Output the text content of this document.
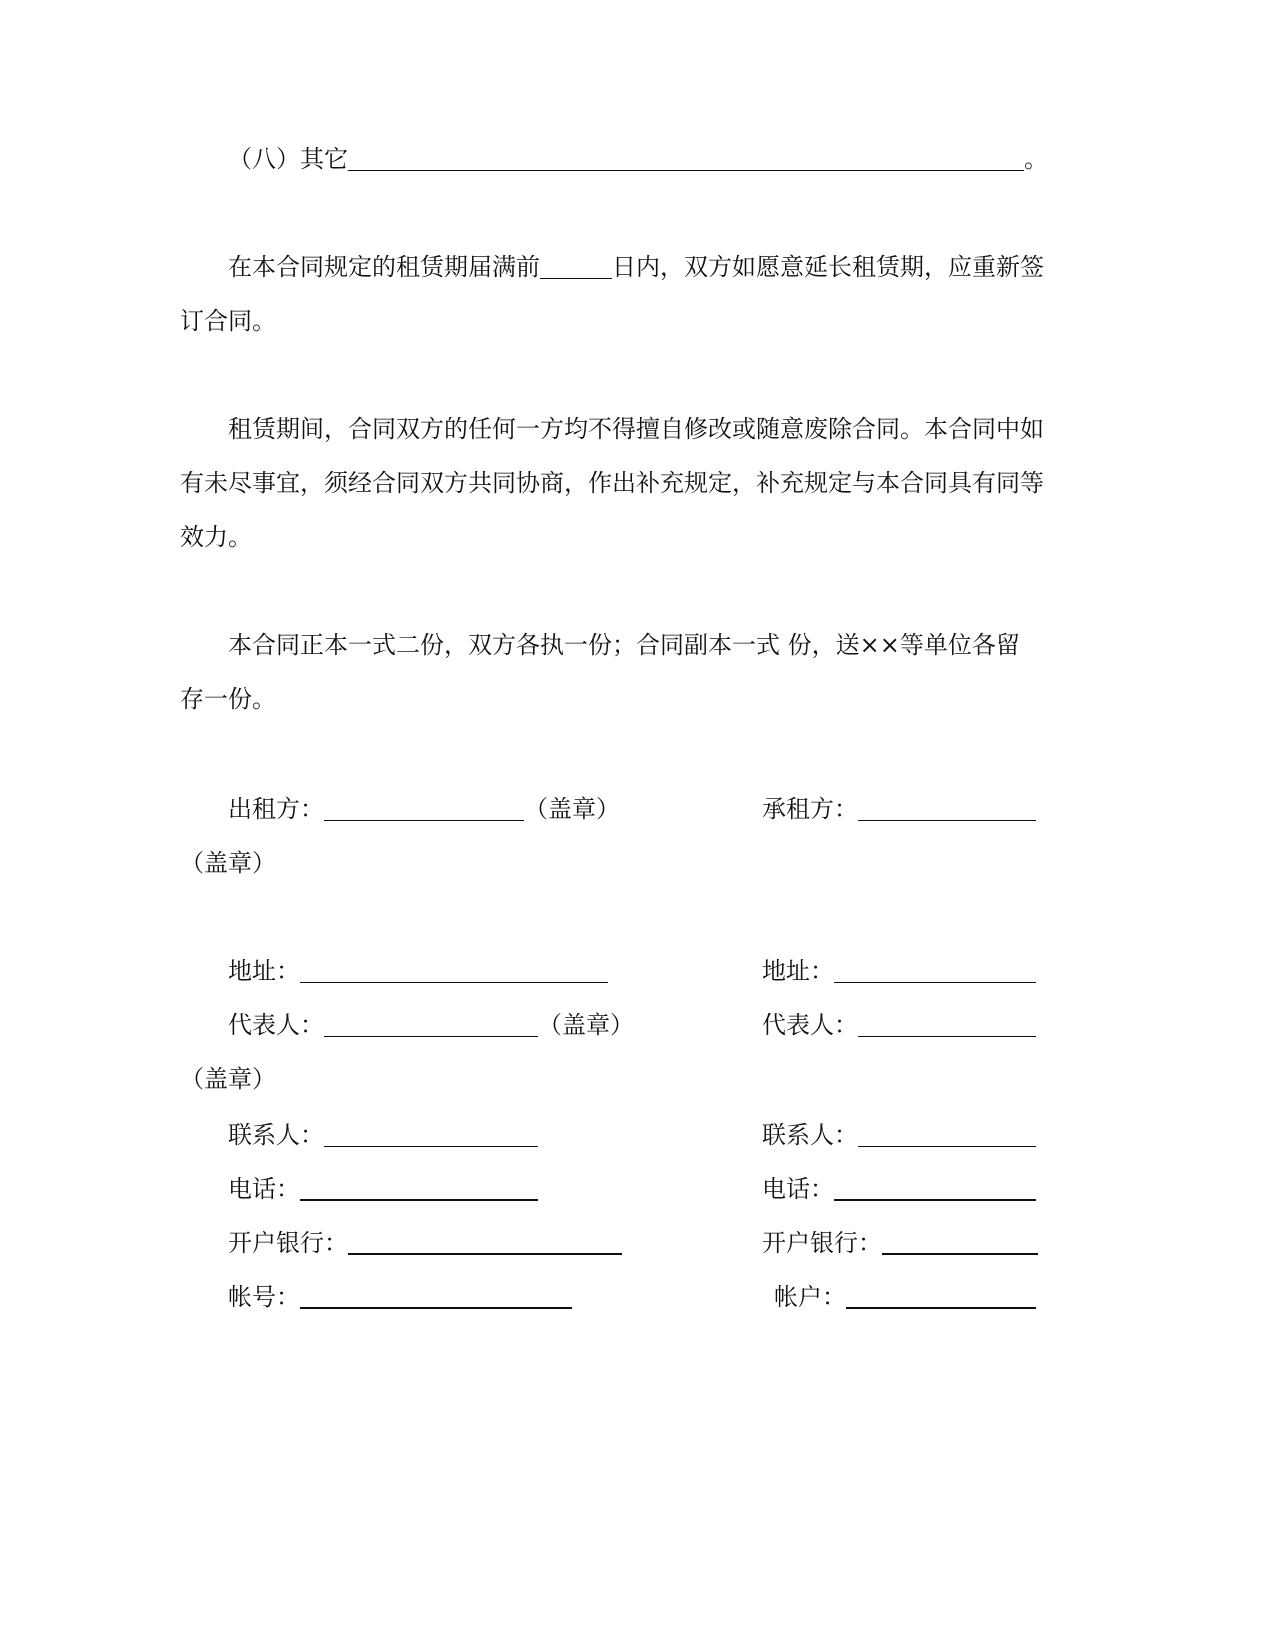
（八）其它	。
在本合同规定的租赁期届满前	日内，双方如愿意延长租赁期，应重新签
订合同。
租赁期间，合同双方的任何一方均不得擅自修改或随意废除合同。本合同中如
有未尽事宜，须经合同双方共同协商，作出补充规定，补充规定与本合同具有同等
效力。
本合同正本一式二份，双方各执一份；合同副本一式 份，送××等单位各留
存一份。
出租方：	（盖章）	承租方：
（盖章）
地址：	地址：
代表人：	（盖章）	代表人：
（盖章）
联系人：	联系人：
电话：	电话：
开户银行：	开户银行：
帐号：	帐户：
